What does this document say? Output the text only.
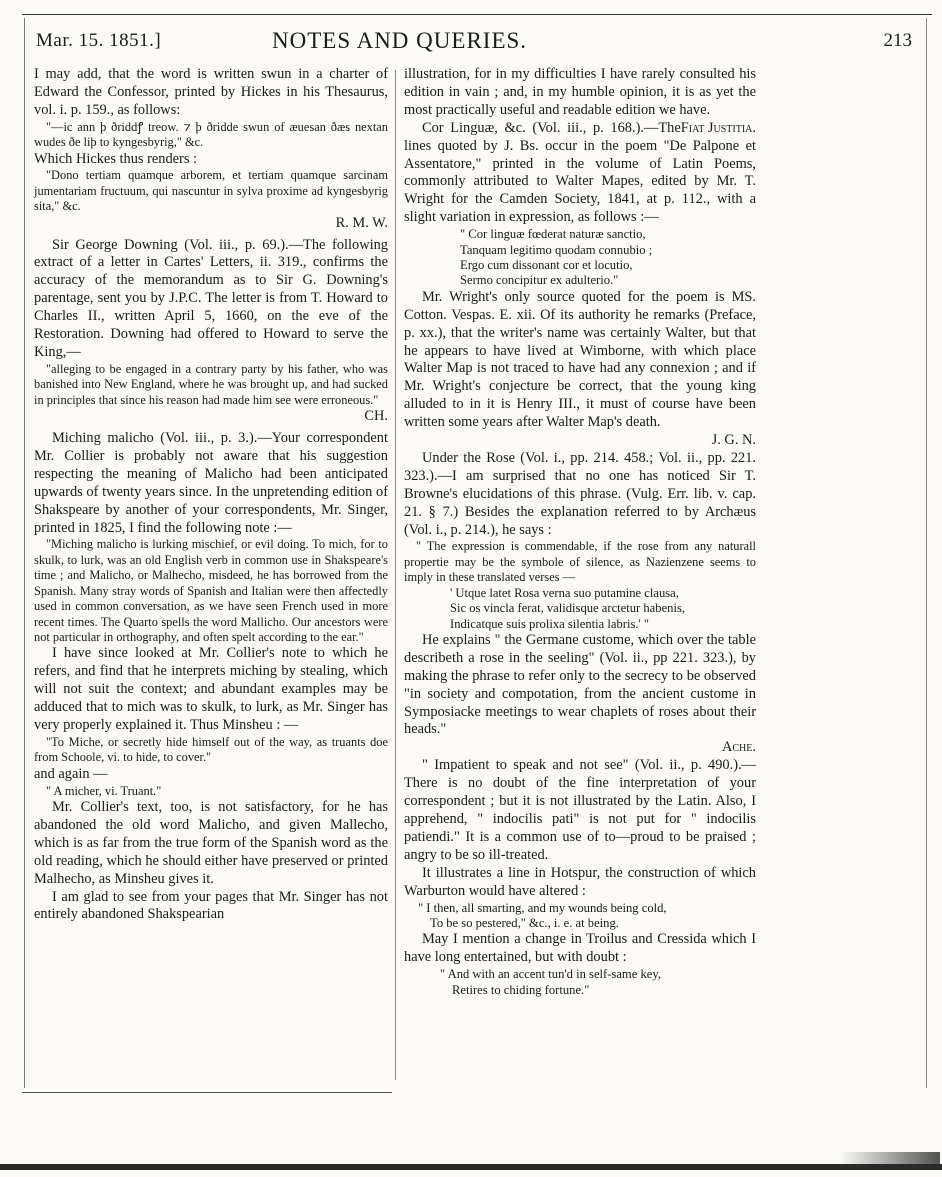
Mar. 15. 1851.]	NOTES AND QUERIES.	213

I may add, that the word is written swun in a charter of Edward the Confessor, printed by Hickes in his Thesaurus, vol. i. p. 159., as follows:

"—ic ann ϸ ðriddꝭ treow. ⁊ ϸ ðridde swun of æuesan ðæs nextan wudes ðe liþ to kyngesbyrig," &c.

Which Hickes thus renders :

"Dono tertiam quamque arborem, et tertiam quamque sarcinam jumentariam fructuum, qui nascuntur in sylva proxime ad kyngesbyrig sita," &c.

R. M. W.

Sir George Downing (Vol. iii., p. 69.).—The following extract of a letter in Cartes' Letters, ii. 319., confirms the accuracy of the memorandum as to Sir G. Downing's parentage, sent you by J.P.C. The letter is from T. Howard to Charles II., written April 5, 1660, on the eve of the Restoration. Downing had offered to Howard to serve the King,—

"alleging to be engaged in a contrary party by his father, who was banished into New England, where he was brought up, and had sucked in principles that since his reason had made him see were erroneous."

CH.

Miching malicho (Vol. iii., p. 3.).—Your correspondent Mr. Collier is probably not aware that his suggestion respecting the meaning of Malicho had been anticipated upwards of twenty years since. In the unpretending edition of Shakspeare by another of your correspondents, Mr. Singer, printed in 1825, I find the following note :—

"Miching malicho is lurking mischief, or evil doing. To mich, for to skulk, to lurk, was an old English verb in common use in Shakspeare's time ; and Malicho, or Malhecho, misdeed, he has borrowed from the Spanish. Many stray words of Spanish and Italian were then affectedly used in common conversation, as we have seen French used in more recent times. The Quarto spells the word Mallicho. Our ancestors were not particular in orthography, and often spelt according to the ear."

I have since looked at Mr. Collier's note to which he refers, and find that he interprets miching by stealing, which will not suit the context; and abundant examples may be adduced that to mich was to skulk, to lurk, as Mr. Singer has very properly explained it. Thus Minsheu : —

"To Miche, or secretly hide himself out of the way, as truants doe from Schoole, vi. to hide, to cover."

and again —

" A micher, vi. Truant."

Mr. Collier's text, too, is not satisfactory, for he has abandoned the old word Malicho, and given Mallecho, which is as far from the true form of the Spanish word as the old reading, which he should either have preserved or printed Malhecho, as Minsheu gives it.

I am glad to see from your pages that Mr. Singer has not entirely abandoned Shakspearian

illustration, for in my difficulties I have rarely consulted his edition in vain ; and, in my humble opinion, it is as yet the most practically useful and readable edition we have.
Fiat Justitia.

Cor Linguæ, &c. (Vol. iii., p. 168.).—The lines quoted by J. Bs. occur in the poem "De Palpone et Assentatore," printed in the volume of Latin Poems, commonly attributed to Walter Mapes, edited by Mr. T. Wright for the Camden Society, 1841, at p. 112., with a slight variation in expression, as follows :—

" Cor linguæ fœderat naturæ sanctio,
Tanquam legitimo quodam connubio ;
Ergo cum dissonant cor et locutio,
Sermo concipitur ex adulterio."

Mr. Wright's only source quoted for the poem is MS. Cotton. Vespas. E. xii. Of its authority he remarks (Preface, p. xx.), that the writer's name was certainly Walter, but that he appears to have lived at Wimborne, with which place Walter Map is not traced to have had any connexion ; and if Mr. Wright's conjecture be correct, that the young king alluded to in it is Henry III., it must of course have been written some years after Walter Map's death.

J. G. N.

Under the Rose (Vol. i., pp. 214. 458.; Vol. ii., pp. 221. 323.).—I am surprised that no one has noticed Sir T. Browne's elucidations of this phrase. (Vulg. Err. lib. v. cap. 21. § 7.) Besides the explanation referred to by Archæus (Vol. i., p. 214.), he says :

" The expression is commendable, if the rose from any naturall propertie may be the symbole of silence, as Nazienzene seems to imply in these translated verses —

' Utque latet Rosa verna suo putamine clausa,
Sic os vincla ferat, validisque arctetur habenis,
Indicatque suis prolixa silentia labris.' "

He explains " the Germane custome, which over the table describeth a rose in the seeling" (Vol. ii., pp 221. 323.), by making the phrase to refer only to the secrecy to be observed "in society and compotation, from the ancient custome in Symposiacke meetings to wear chaplets of roses about their heads."

Ache.

" Impatient to speak and not see" (Vol. ii., p. 490.).—There is no doubt of the fine interpretation of your correspondent ; but it is not illustrated by the Latin. Also, I apprehend, " indocilis pati" is not put for " indocilis patiendi." It is a common use of to—proud to be praised ; angry to be so ill-treated.

It illustrates a line in Hotspur, the construction of which Warburton would have altered :

" I then, all smarting, and my wounds being cold,
To be so pestered," &c., i. e. at being.

May I mention a change in Troilus and Cressida which I have long entertained, but with doubt :

" And with an accent tun'd in self-same key,
Retires to chiding fortune."
